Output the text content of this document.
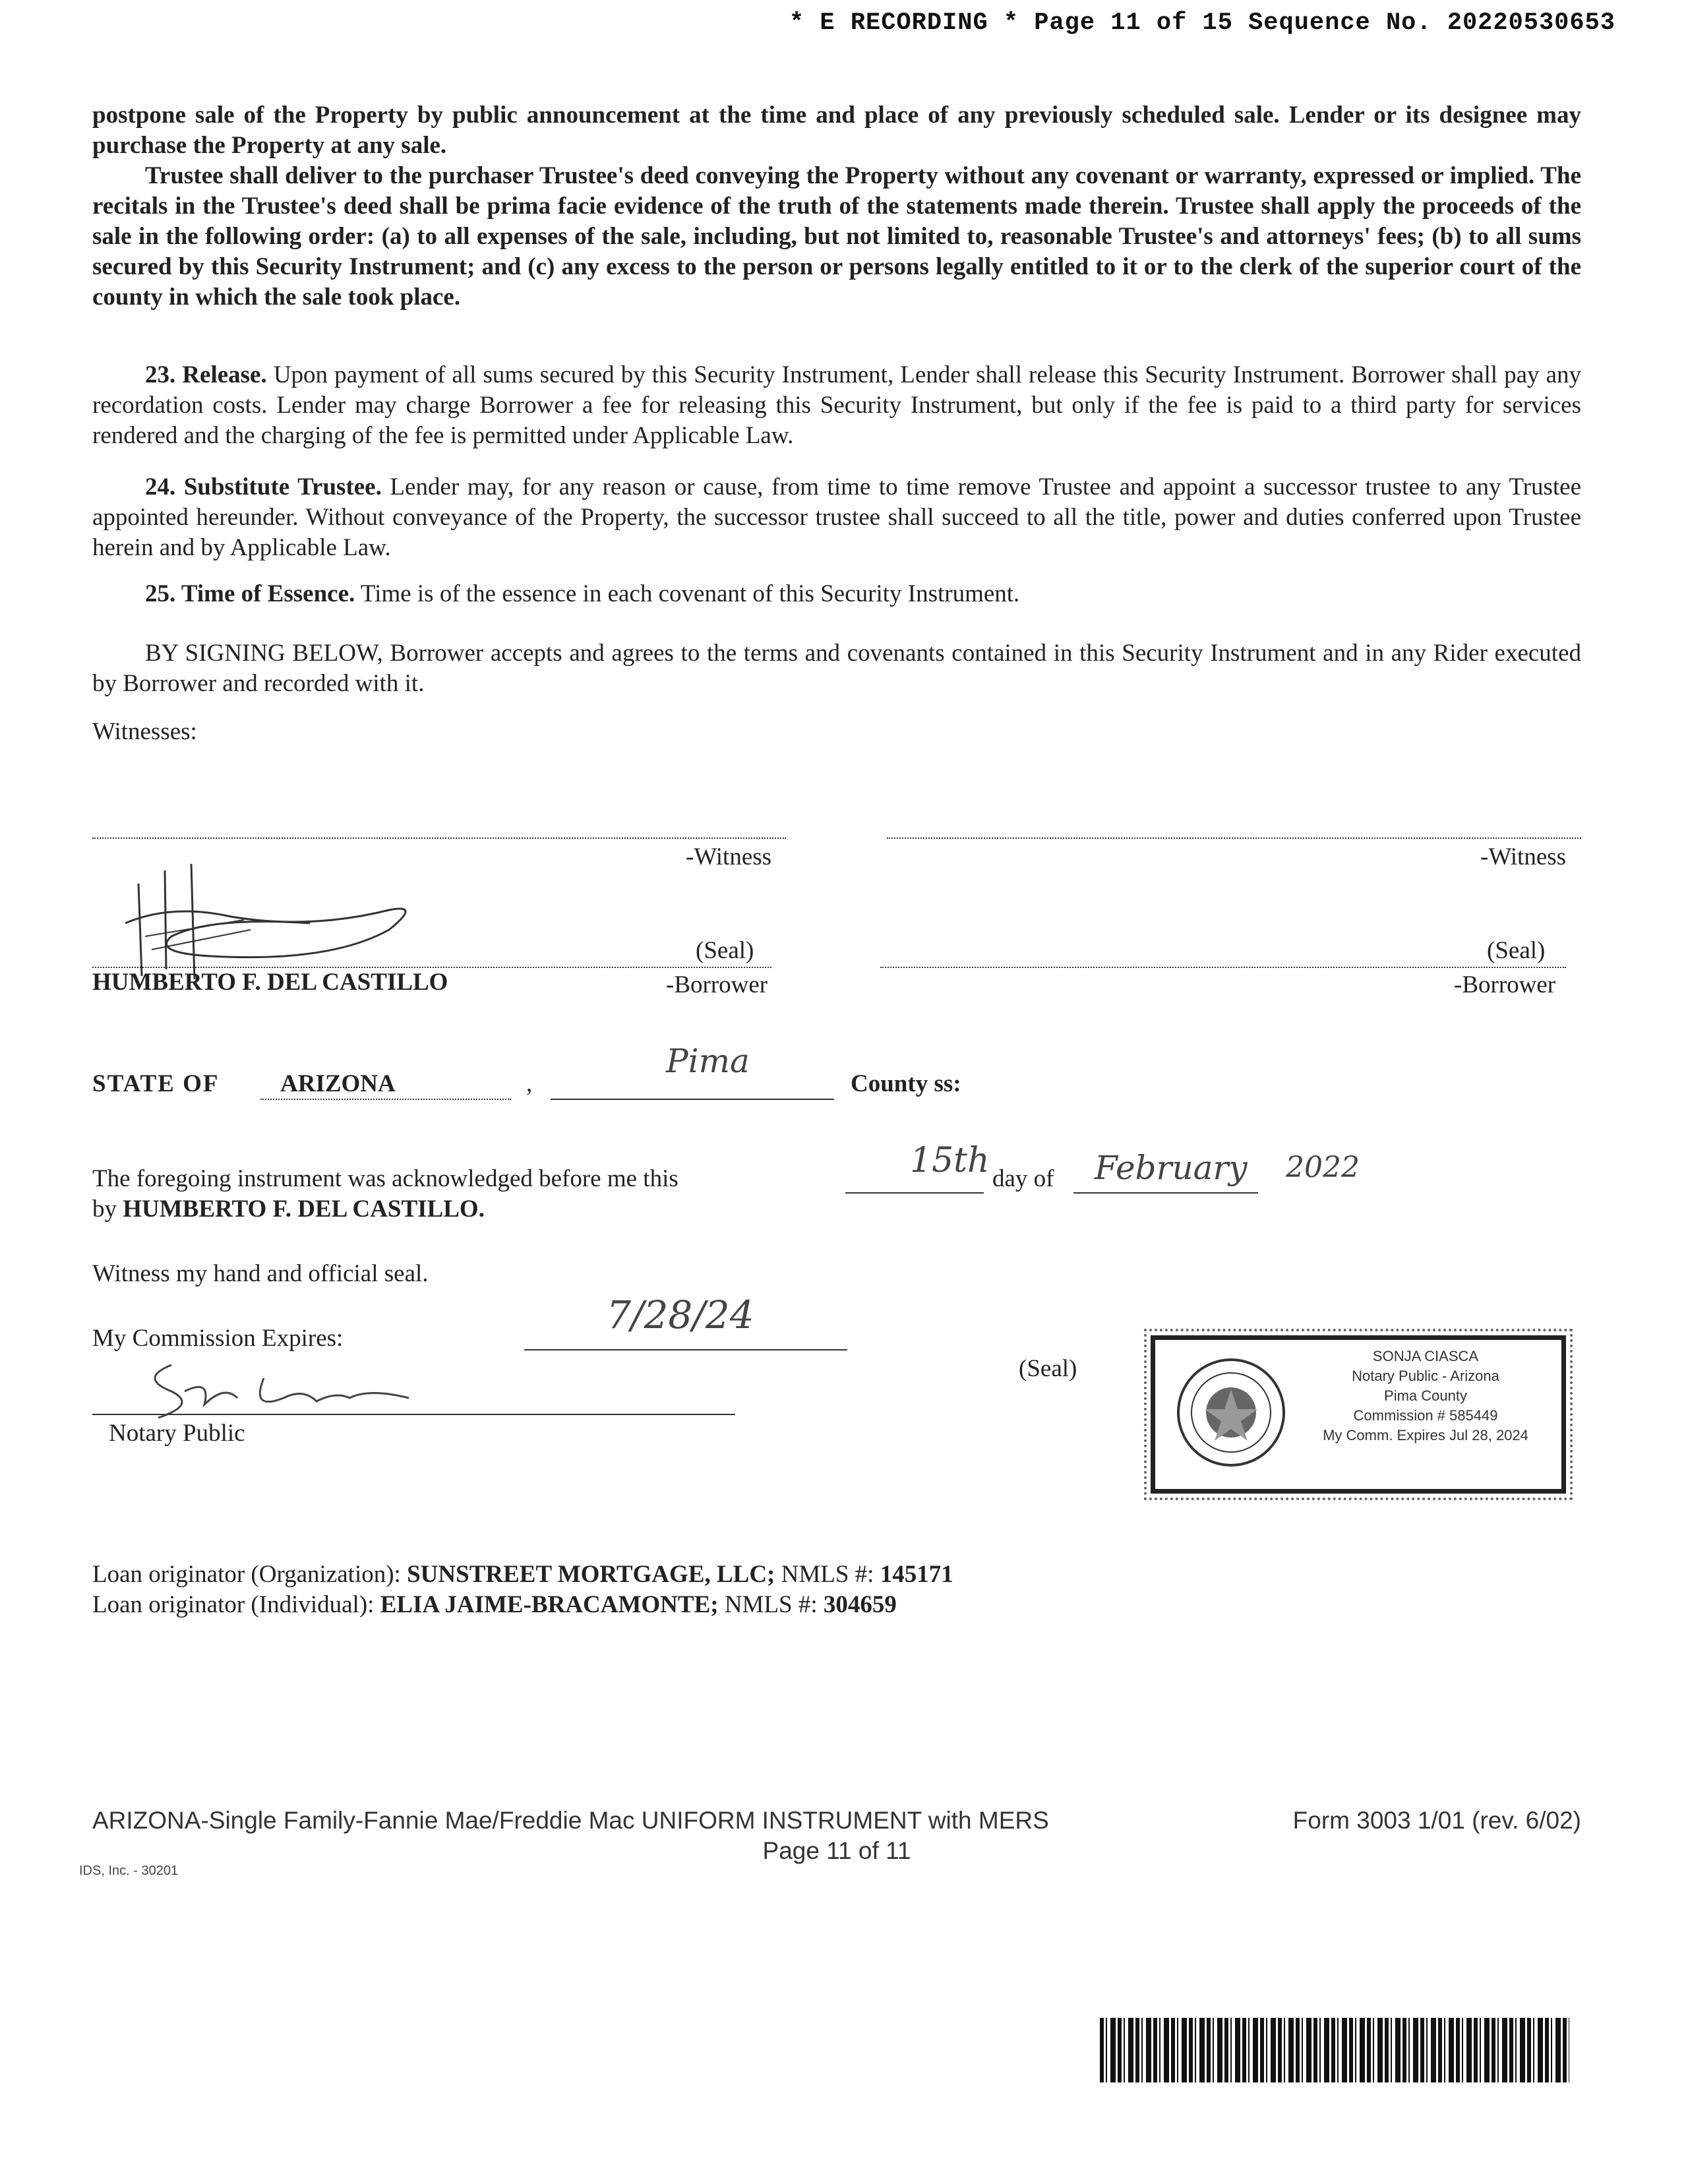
* E RECORDING * Page 11 of 15 Sequence No. 20220530653

postpone sale of the Property by public announcement at the time and place of any previously scheduled sale. Lender or its designee may purchase the Property at any sale.

Trustee shall deliver to the purchaser Trustee's deed conveying the Property without any covenant or warranty, expressed or implied. The recitals in the Trustee's deed shall be prima facie evidence of the truth of the statements made therein. Trustee shall apply the proceeds of the sale in the following order: (a) to all expenses of the sale, including, but not limited to, reasonable Trustee's and attorneys' fees; (b) to all sums secured by this Security Instrument; and (c) any excess to the person or persons legally entitled to it or to the clerk of the superior court of the county in which the sale took place.

23. Release. Upon payment of all sums secured by this Security Instrument, Lender shall release this Security Instrument. Borrower shall pay any recordation costs. Lender may charge Borrower a fee for releasing this Security Instrument, but only if the fee is paid to a third party for services rendered and the charging of the fee is permitted under Applicable Law.

24. Substitute Trustee. Lender may, for any reason or cause, from time to time remove Trustee and appoint a successor trustee to any Trustee appointed hereunder. Without conveyance of the Property, the successor trustee shall succeed to all the title, power and duties conferred upon Trustee herein and by Applicable Law.

25. Time of Essence. Time is of the essence in each covenant of this Security Instrument.

BY SIGNING BELOW, Borrower accepts and agrees to the terms and covenants contained in this Security Instrument and in any Rider executed by Borrower and recorded with it.

Witnesses:
-Witness	-Witness
(Seal)
HUMBERTO F. DEL CASTILLO	-Borrower
(Seal)
-Borrower
STATE OF	ARIZONA	,
Pima
County ss:
The foregoing instrument was acknowledged before me this
by HUMBERTO F. DEL CASTILLO.
15th day of February 2022
Witness my hand and official seal.
My Commission Expires:
7/28/24
(Seal)
Notary Public
SONJA CIASCA
Notary Public - Arizona
Pima County
Commission # 585449
My Comm. Expires Jul 28, 2024
Loan originator (Organization): SUNSTREET MORTGAGE, LLC; NMLS #: 145171
Loan originator (Individual): ELIA JAIME-BRACAMONTE; NMLS #: 304659
ARIZONA-Single Family-Fannie Mae/Freddie Mac UNIFORM INSTRUMENT with MERS	Form 3003 1/01 (rev. 6/02)
Page 11 of 11
IDS, Inc. - 30201
